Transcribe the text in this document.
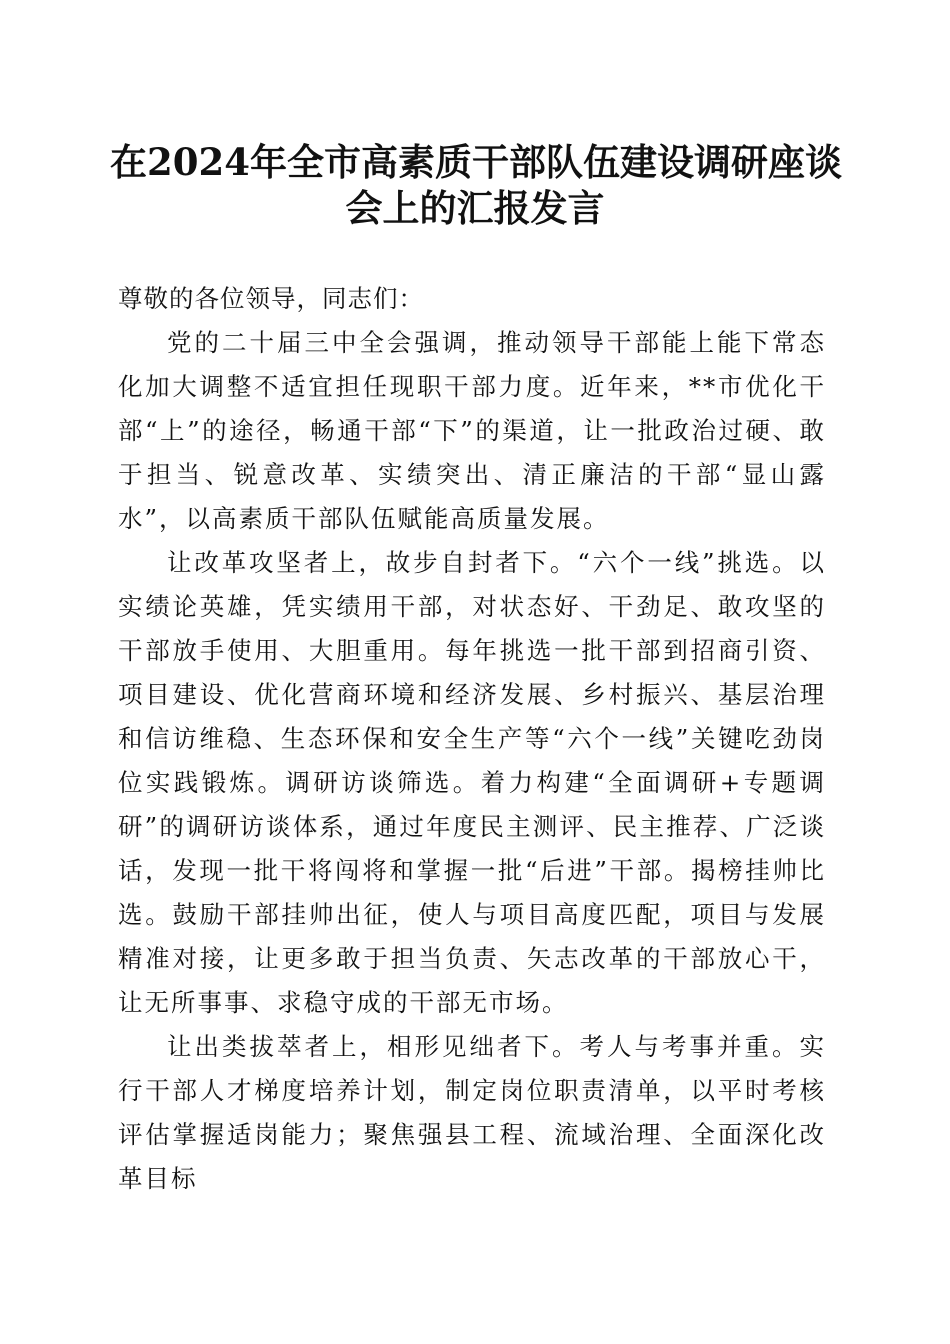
在2024年全市高素质干部队伍建设调研座谈
会上的汇报发言
尊敬的各位领导，同志们：
党的二十届三中全会强调，推动领导干部能上能下常态化加大调整不适宜担任现职干部力度。近年来，**市优化干部“上”的途径，畅通干部“下”的渠道，让一批政治过硬、敢于担当、锐意改革、实绩突出、清正廉洁的干部“显山露水”，以高素质干部队伍赋能高质量发展。
让改革攻坚者上，故步自封者下。“六个一线”挑选。以实绩论英雄，凭实绩用干部，对状态好、干劲足、敢攻坚的干部放手使用、大胆重用。每年挑选一批干部到招商引资、项目建设、优化营商环境和经济发展、乡村振兴、基层治理和信访维稳、生态环保和安全生产等“六个一线”关键吃劲岗位实践锻炼。调研访谈筛选。着力构建“全面调研+专题调研”的调研访谈体系，通过年度民主测评、民主推荐、广泛谈话，发现一批干将闯将和掌握一批“后进”干部。揭榜挂帅比选。鼓励干部挂帅出征，使人与项目高度匹配，项目与发展精准对接，让更多敢于担当负责、矢志改革的干部放心干，让无所事事、求稳守成的干部无市场。
让出类拔萃者上，相形见绌者下。考人与考事并重。实行干部人才梯度培养计划，制定岗位职责清单，以平时考核评估掌握适岗能力；聚焦强县工程、流域治理、全面深化改革目标
